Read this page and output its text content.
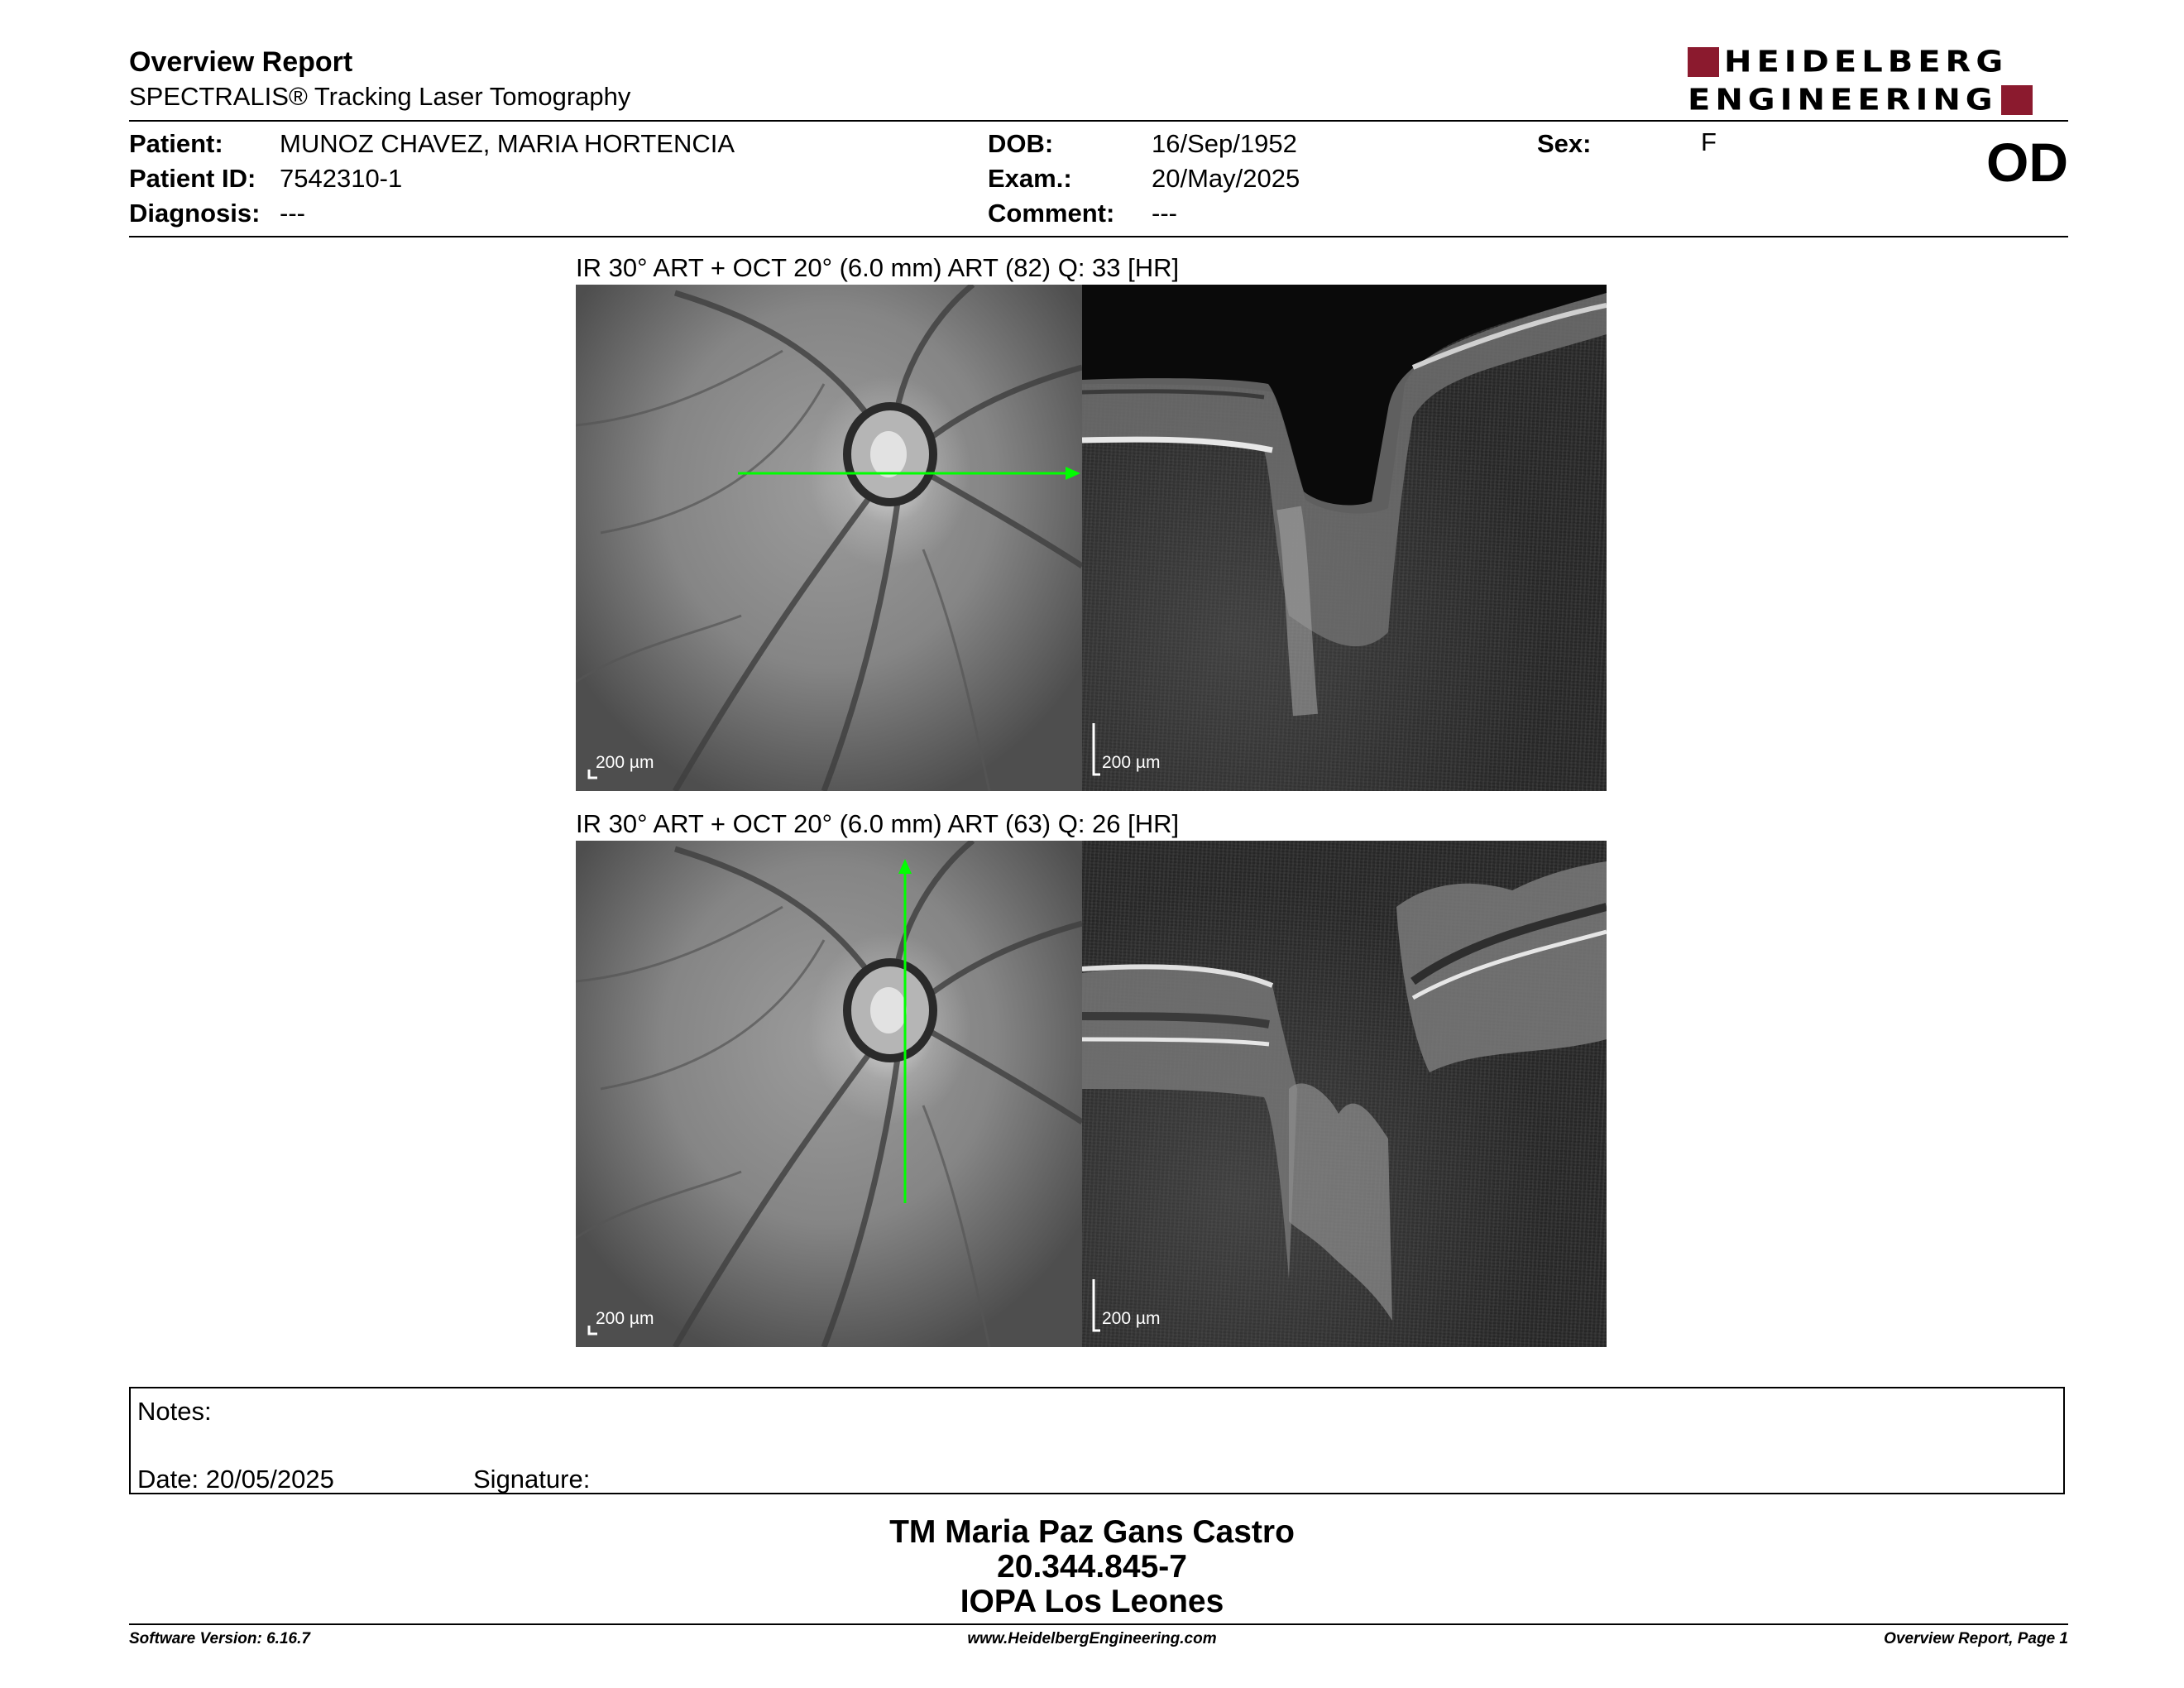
Overview Report
SPECTRALIS® Tracking Laser Tomography
HEIDELBERG
ENGINEERING
Patient: MUNOZ CHAVEZ, MARIA HORTENCIA
Patient ID: 7542310-1
Diagnosis: ---
DOB:	16/Sep/1952
Exam.:	20/May/2025
Comment: ---
Sex:	F	OD
IR 30° ART + OCT 20° (6.0 mm) ART (82) Q: 33 [HR]
200 µm	200 µm
IR 30° ART + OCT 20° (6.0 mm) ART (63) Q: 26 [HR]
200 µm	200 µm
Notes:
Date: 20/05/2025	Signature:
TM Maria Paz Gans Castro
20.344.845-7
IOPA Los Leones
Software Version: 6.16.7	www.HeidelbergEngineering.com	Overview Report, Page 1
